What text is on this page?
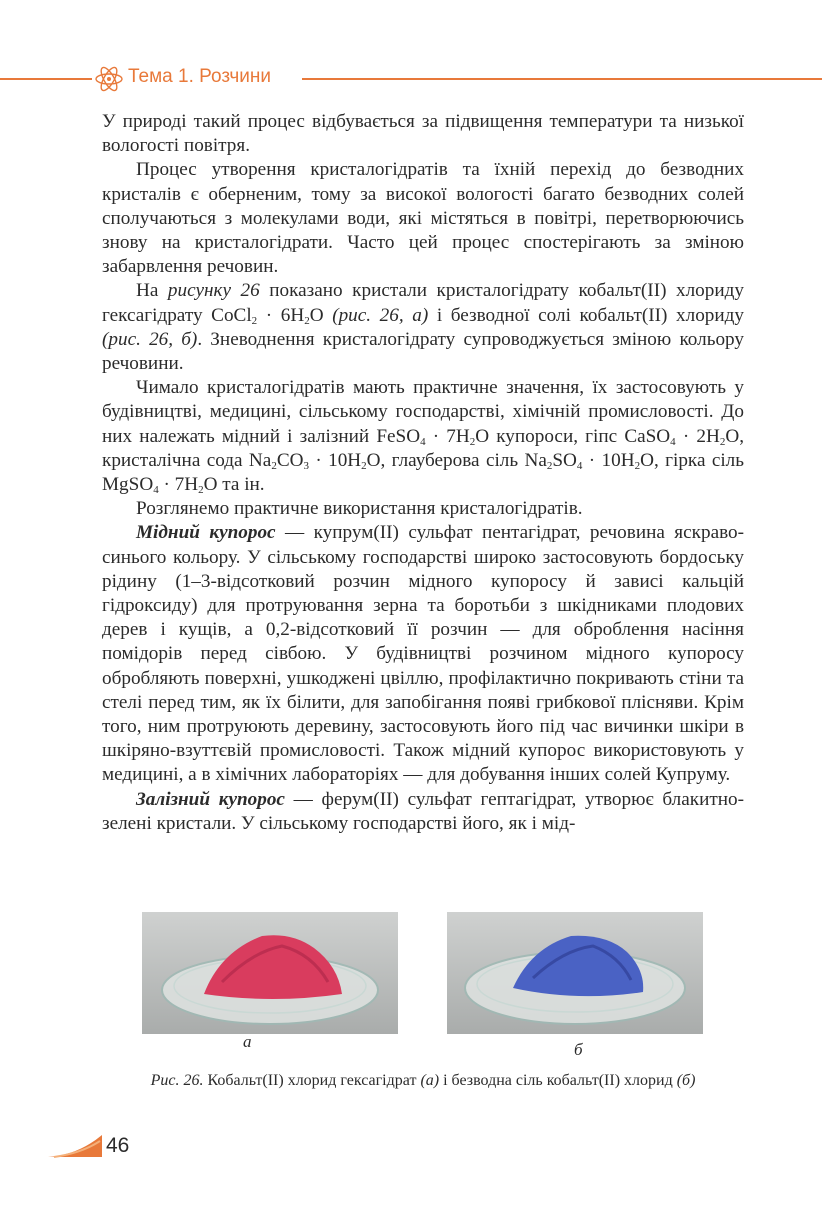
Тема 1. Розчини

У природі такий процес відбувається за підвищення температури та низької вологості повітря.

Процес утворення кристалогідратів та їхній перехід до безводних кристалів є оберненим, тому за високої вологості багато безводних солей сполучаються з молекулами води, які містяться в повітрі, перетворюючись знову на кристалогідрати. Часто цей процес спостерігають за зміною забарвлення речовин.

На рисунку 26 показано кристали кристалогідрату кобальт(II) хлориду гексагідрату CoCl$_2$ · $6H_2O$ (рис. 26, а) і безводної солі кобальт(II) хлориду (рис. 26, б). Зневоднення кристалогідрату супроводжується зміною кольору речовини.

Чимало кристалогідратів мають практичне значення, їх застосовують у будівництві, медицині, сільському господарстві, хімічній промисловості. До них належать мідний і залізний FeSO$_4$ · $7H_2O$ купороси, гіпс CaSO$_4$ · $2H_2O$, кристалічна сода $Na_2CO_3 \cdot 10H_2O$, глауберова сіль $Na_2SO_4 \cdot 10H_2O$, гірка сіль MgSO$_4$ · $7H_2O$ та ін.

Розглянемо практичне використання кристалогідратів.

Мідний купорос — купрум(II) сульфат пентагідрат, речовина яскраво-синього кольору. У сільському господарстві широко застосовують бордоську рідину (1–3-відсотковий розчин мідного купоросу й зависі кальцій гідроксиду) для протруювання зерна та боротьби з шкідниками плодових дерев і кущів, а 0,2-відсотковий її розчин — для оброблення насіння помідорів перед сівбою. У будівництві розчином мідного купоросу обробляють поверхні, ушкоджені цвіллю, профілактично покривають стіни та стелі перед тим, як їх білити, для запобігання появі грибкової плісняви. Крім того, ним протруюють деревину, застосовують його під час вичинки шкіри в шкіряно-взуттєвій промисловості. Також мідний купорос використовують у медицині, а в хімічних лабораторіях — для добування інших солей Купруму.

Залізний купорос — ферум(II) сульфат гептагідрат, утворює блакитно-зелені кристали. У сільському господарстві його, як і мід-

а	б
Рис. 26. Кобальт(II) хлорид гексагідрат (а) і безводна сіль кобальт(II) хлорид (б)
46
